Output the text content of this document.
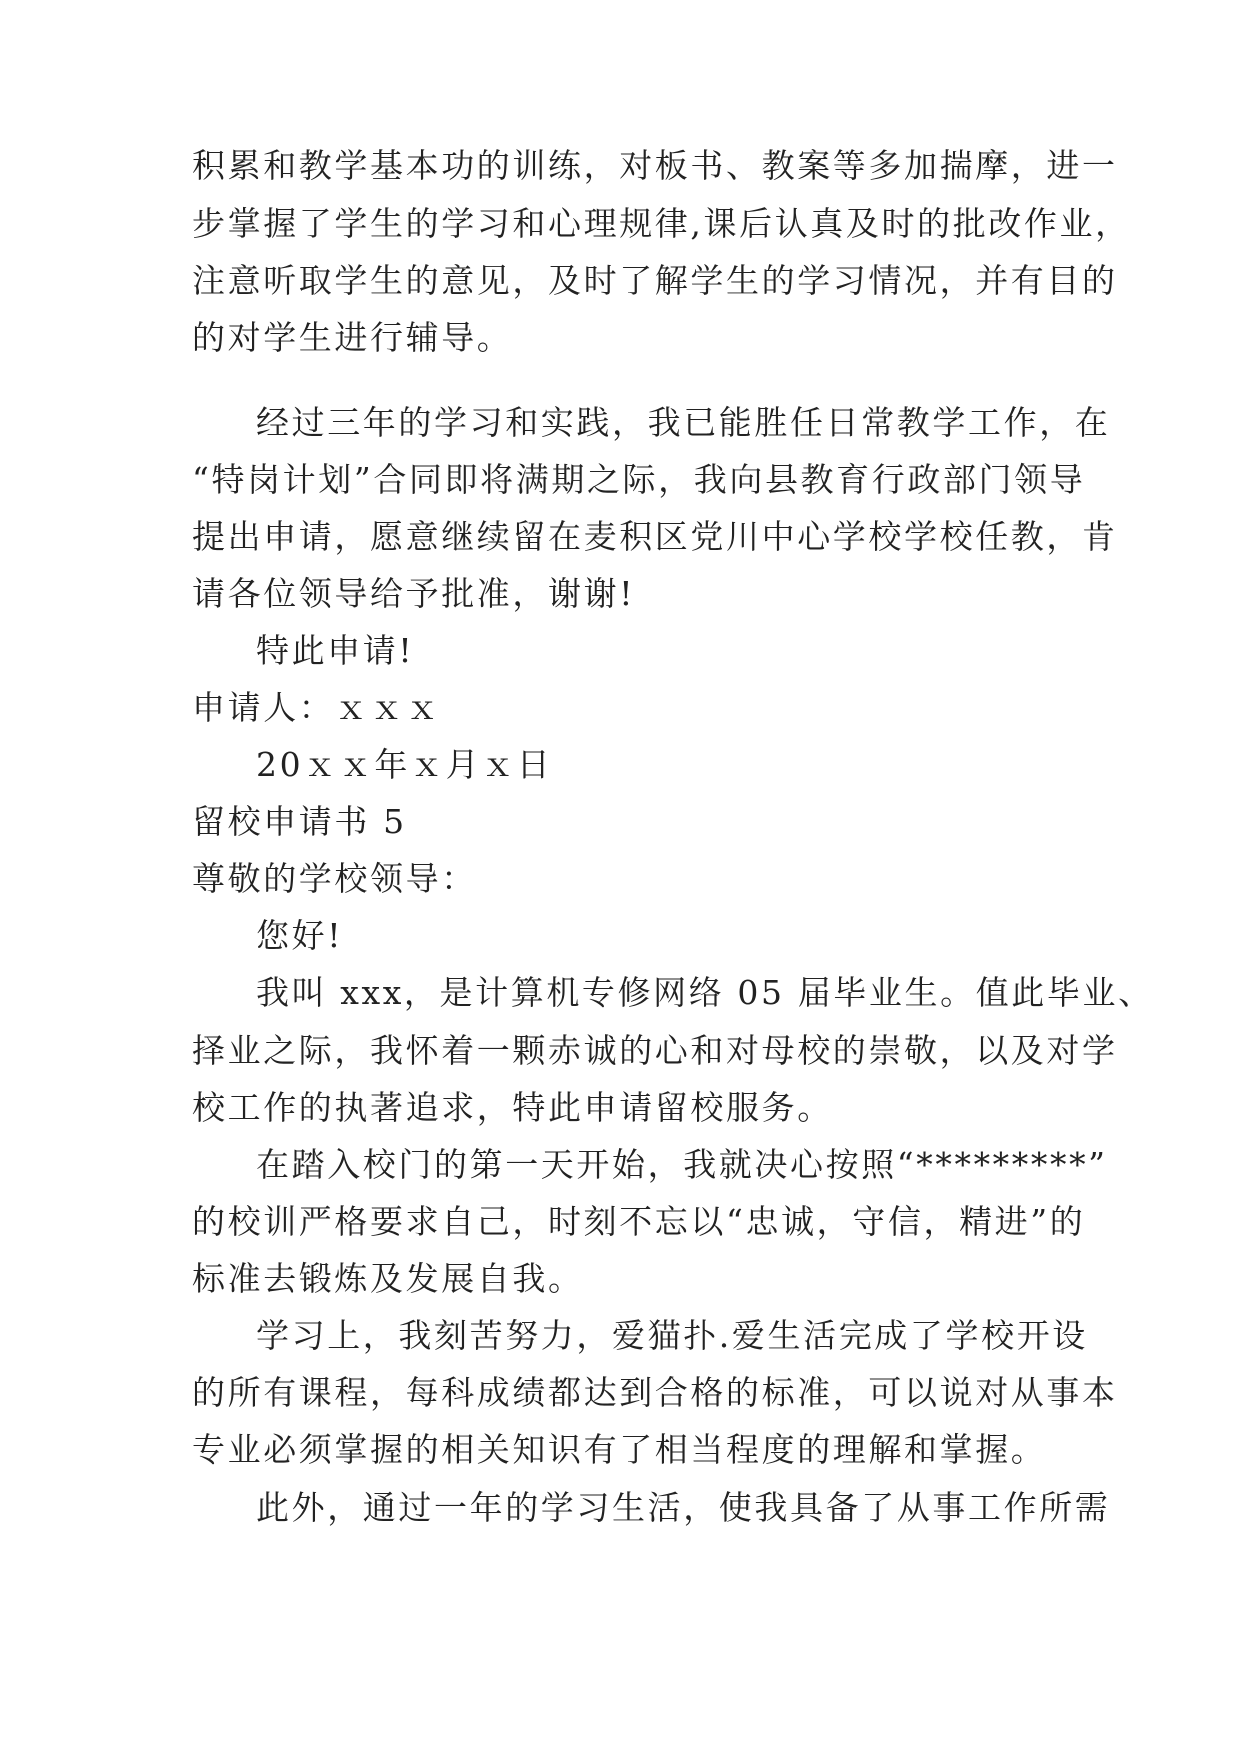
积累和教学基本功的训练，对板书、教案等多加揣摩，进一
步掌握了学生的学习和心理规律,课后认真及时的批改作业，
注意听取学生的意见，及时了解学生的学习情况，并有目的
的对学生进行辅导。
经过三年的学习和实践，我已能胜任日常教学工作，在
“特岗计划”合同即将满期之际，我向县教育行政部门领导
提出申请，愿意继续留在麦积区党川中心学校学校任教，肯
请各位领导给予批准，谢谢!
特此申请!
申请人：ｘｘｘ
20ｘｘ年ｘ月ｘ日
留校申请书 5
尊敬的学校领导：
您好!
我叫 xxx，是计算机专修网络 05 届毕业生。值此毕业、
择业之际，我怀着一颗赤诚的心和对母校的崇敬，以及对学
校工作的执著追求，特此申请留校服务。
在踏入校门的第一天开始，我就决心按照“*********”
的校训严格要求自己，时刻不忘以“忠诚，守信，精进”的
标准去锻炼及发展自我。
学习上，我刻苦努力，爱猫扑.爱生活完成了学校开设
的所有课程，每科成绩都达到合格的标准，可以说对从事本
专业必须掌握的相关知识有了相当程度的理解和掌握。
此外，通过一年的学习生活，使我具备了从事工作所需
